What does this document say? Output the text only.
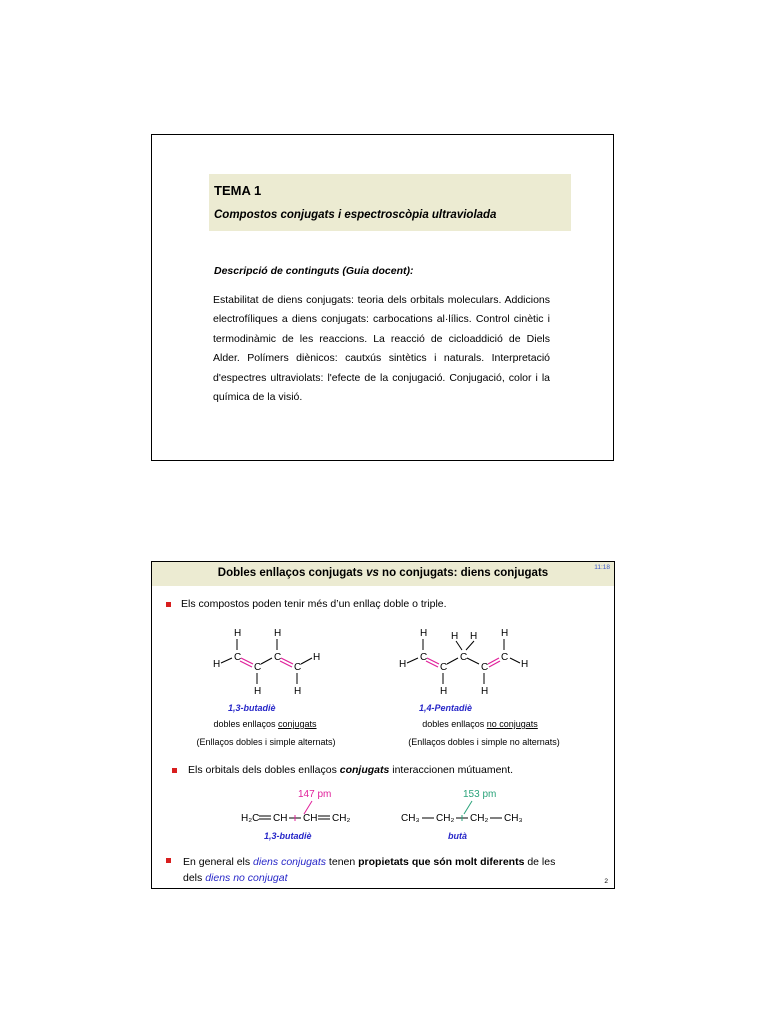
TEMA 1
Compostos conjugats i espectroscòpia ultraviolada
Descripció de continguts (Guia docent):
Estabilitat de diens conjugats: teoria dels orbitals moleculars. Addicions electrofíliques a diens conjugats: carbocations al·lílics. Control cinètic i termodinàmic de les reaccions. La reacció de cicloaddició de Diels Alder. Polímers diènicos: cautxús sintètics i naturals. Interpretació d'espectres ultraviolats: l'efecte de la conjugació. Conjugació, color i la química de la visió.
Dobles enllaços conjugats vs no conjugats: diens conjugats	11:18
Els compostos poden tenir més d’un enllaç doble o triple.
H	H
H
H
C
C
C
C
H	H
1,3-butadiè
dobles enllaços conjugats
(Enllaços dobles i simple alternats)
H H H H
H	H
C
C
C
C
C
H	H
1,4-Pentadiè
dobles enllaços no conjugats
(Enllaços dobles i simple no alternats)
Els orbitals dels dobles enllaços conjugats interaccionen mútuament.
147 pm
H₂C CH CH CH₂
1,3-butadiè
153 pm
CH₃ CH₂ CH₂ CH₃
butà
En general els diens conjugats tenen propietats que són molt diferents de les
dels diens no conjugat	2
